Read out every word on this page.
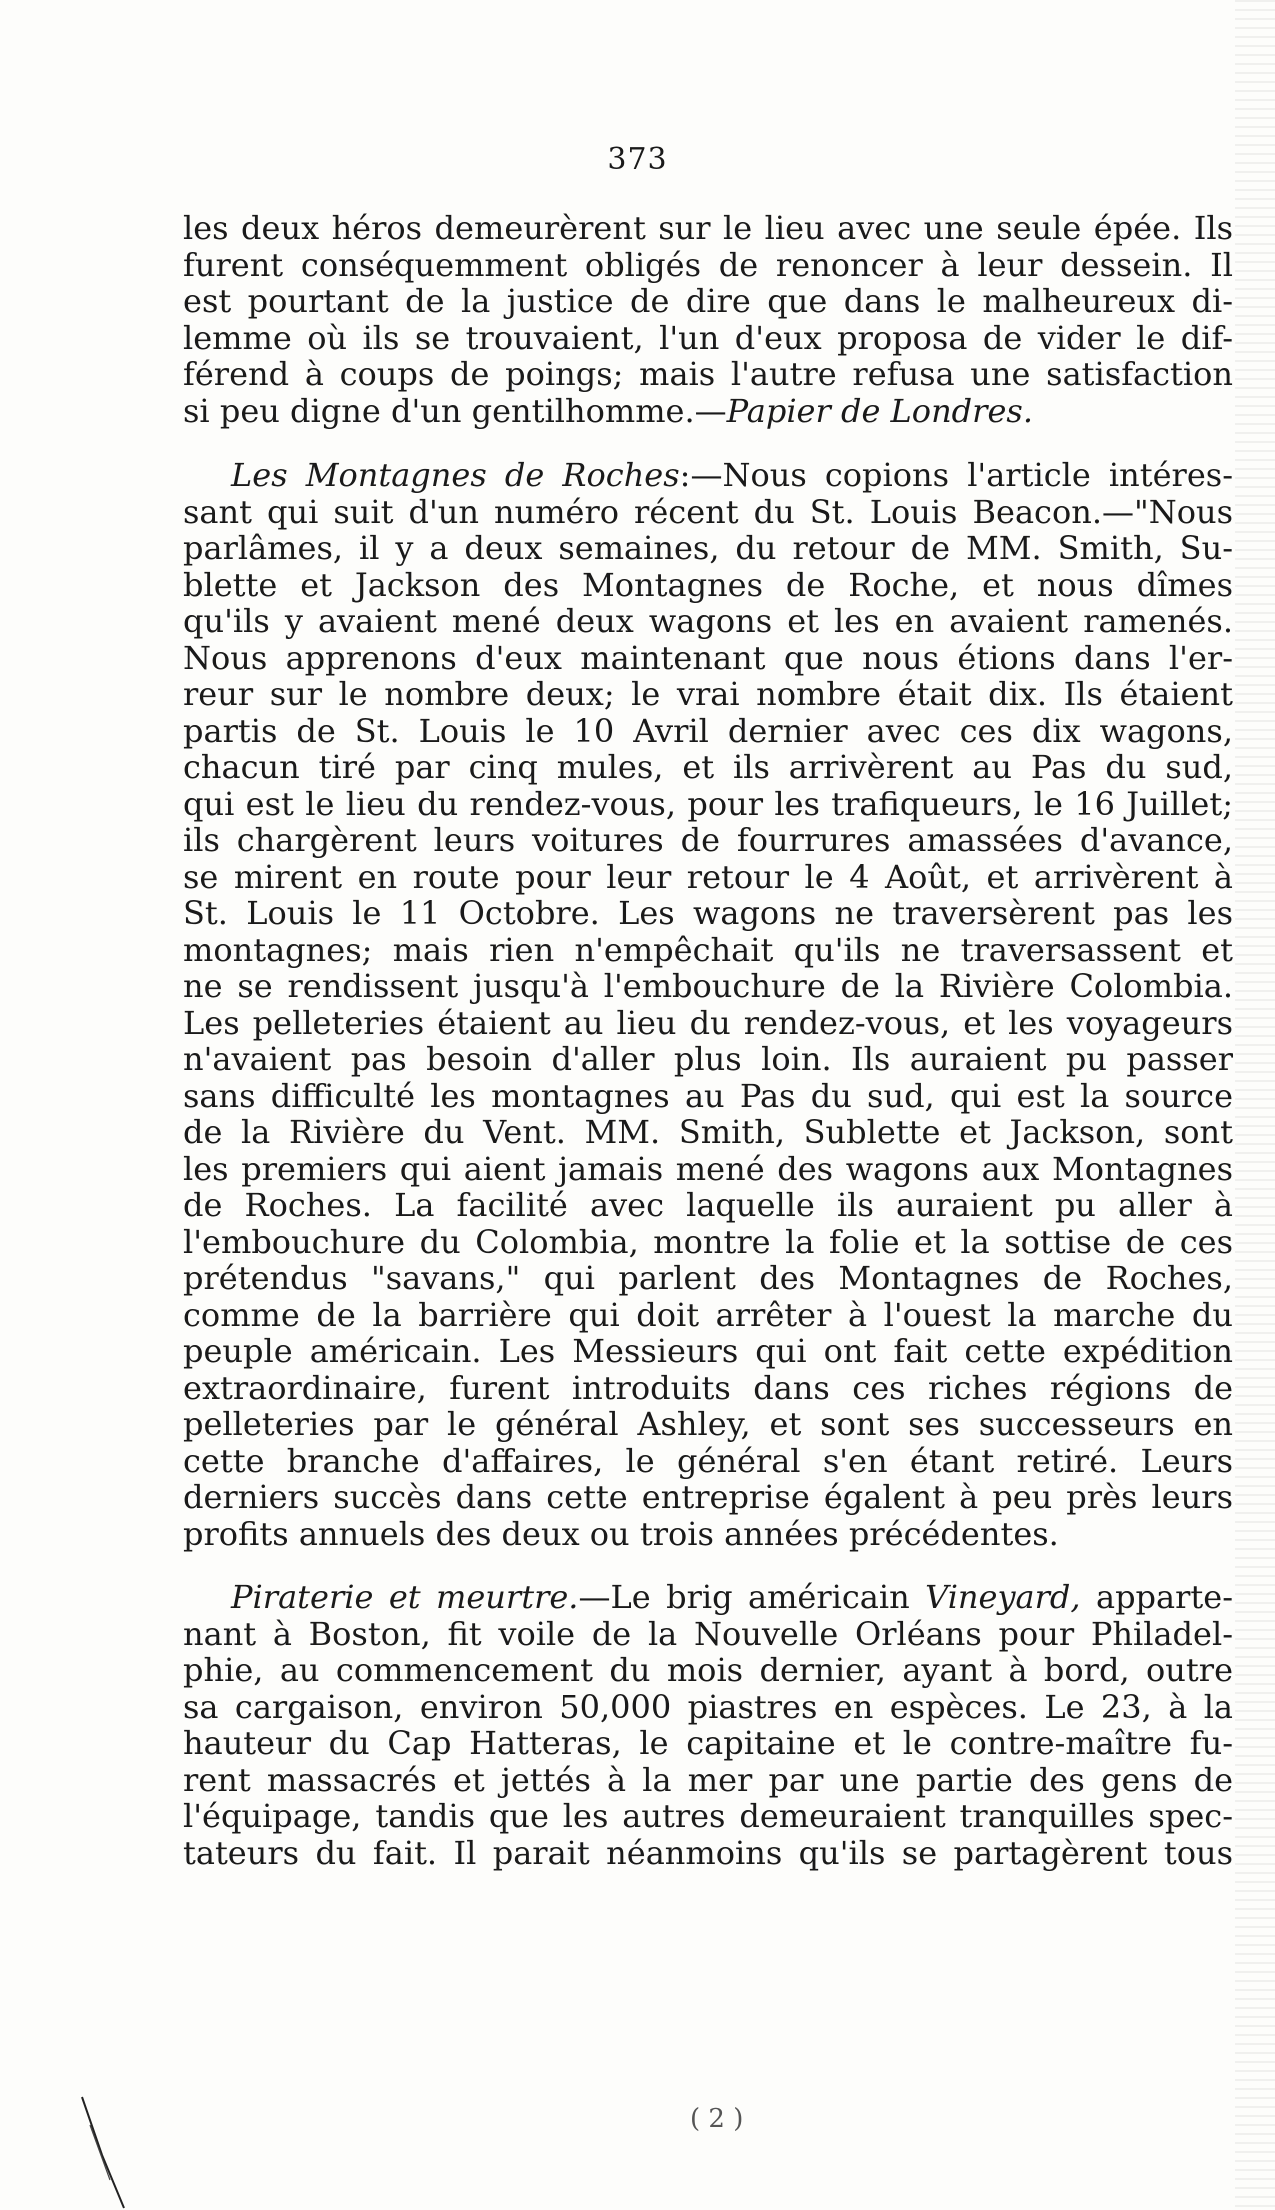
373
les deux héros demeurèrent sur le lieu avec une seule épée. Ils
furent conséquemment obligés de renoncer à leur dessein. Il
est pourtant de la justice de dire que dans le malheureux di-
lemme où ils se trouvaient, l'un d'eux proposa de vider le dif-
férend à coups de poings; mais l'autre refusa une satisfaction
si peu digne d'un gentilhomme.—Papier de Londres.
Les Montagnes de Roches:—Nous copions l'article intéres-
sant qui suit d'un numéro récent du St. Louis Beacon.—"Nous
parlâmes, il y a deux semaines, du retour de MM. Smith, Su-
blette et Jackson des Montagnes de Roche, et nous dîmes
qu'ils y avaient mené deux wagons et les en avaient ramenés.
Nous apprenons d'eux maintenant que nous étions dans l'er-
reur sur le nombre deux; le vrai nombre était dix. Ils étaient
partis de St. Louis le 10 Avril dernier avec ces dix wagons,
chacun tiré par cinq mules, et ils arrivèrent au Pas du sud,
qui est le lieu du rendez-vous, pour les trafiqueurs, le 16 Juillet;
ils chargèrent leurs voitures de fourrures amassées d'avance,
se mirent en route pour leur retour le 4 Août, et arrivèrent à
St. Louis le 11 Octobre. Les wagons ne traversèrent pas les
montagnes; mais rien n'empêchait qu'ils ne traversassent et
ne se rendissent jusqu'à l'embouchure de la Rivière Colombia.
Les pelleteries étaient au lieu du rendez-vous, et les voyageurs
n'avaient pas besoin d'aller plus loin. Ils auraient pu passer
sans difficulté les montagnes au Pas du sud, qui est la source
de la Rivière du Vent. MM. Smith, Sublette et Jackson, sont
les premiers qui aient jamais mené des wagons aux Montagnes
de Roches. La facilité avec laquelle ils auraient pu aller à
l'embouchure du Colombia, montre la folie et la sottise de ces
prétendus "savans," qui parlent des Montagnes de Roches,
comme de la barrière qui doit arrêter à l'ouest la marche du
peuple américain. Les Messieurs qui ont fait cette expédition
extraordinaire, furent introduits dans ces riches régions de
pelleteries par le général Ashley, et sont ses successeurs en
cette branche d'affaires, le général s'en étant retiré. Leurs
derniers succès dans cette entreprise égalent à peu près leurs
profits annuels des deux ou trois années précédentes.
Piraterie et meurtre.—Le brig américain Vineyard, apparte-
nant à Boston, fit voile de la Nouvelle Orléans pour Philadel-
phie, au commencement du mois dernier, ayant à bord, outre
sa cargaison, environ 50,000 piastres en espèces. Le 23, à la
hauteur du Cap Hatteras, le capitaine et le contre-maître fu-
rent massacrés et jettés à la mer par une partie des gens de
l'équipage, tandis que les autres demeuraient tranquilles spec-
tateurs du fait. Il parait néanmoins qu'ils se partagèrent tous
( 2 )
